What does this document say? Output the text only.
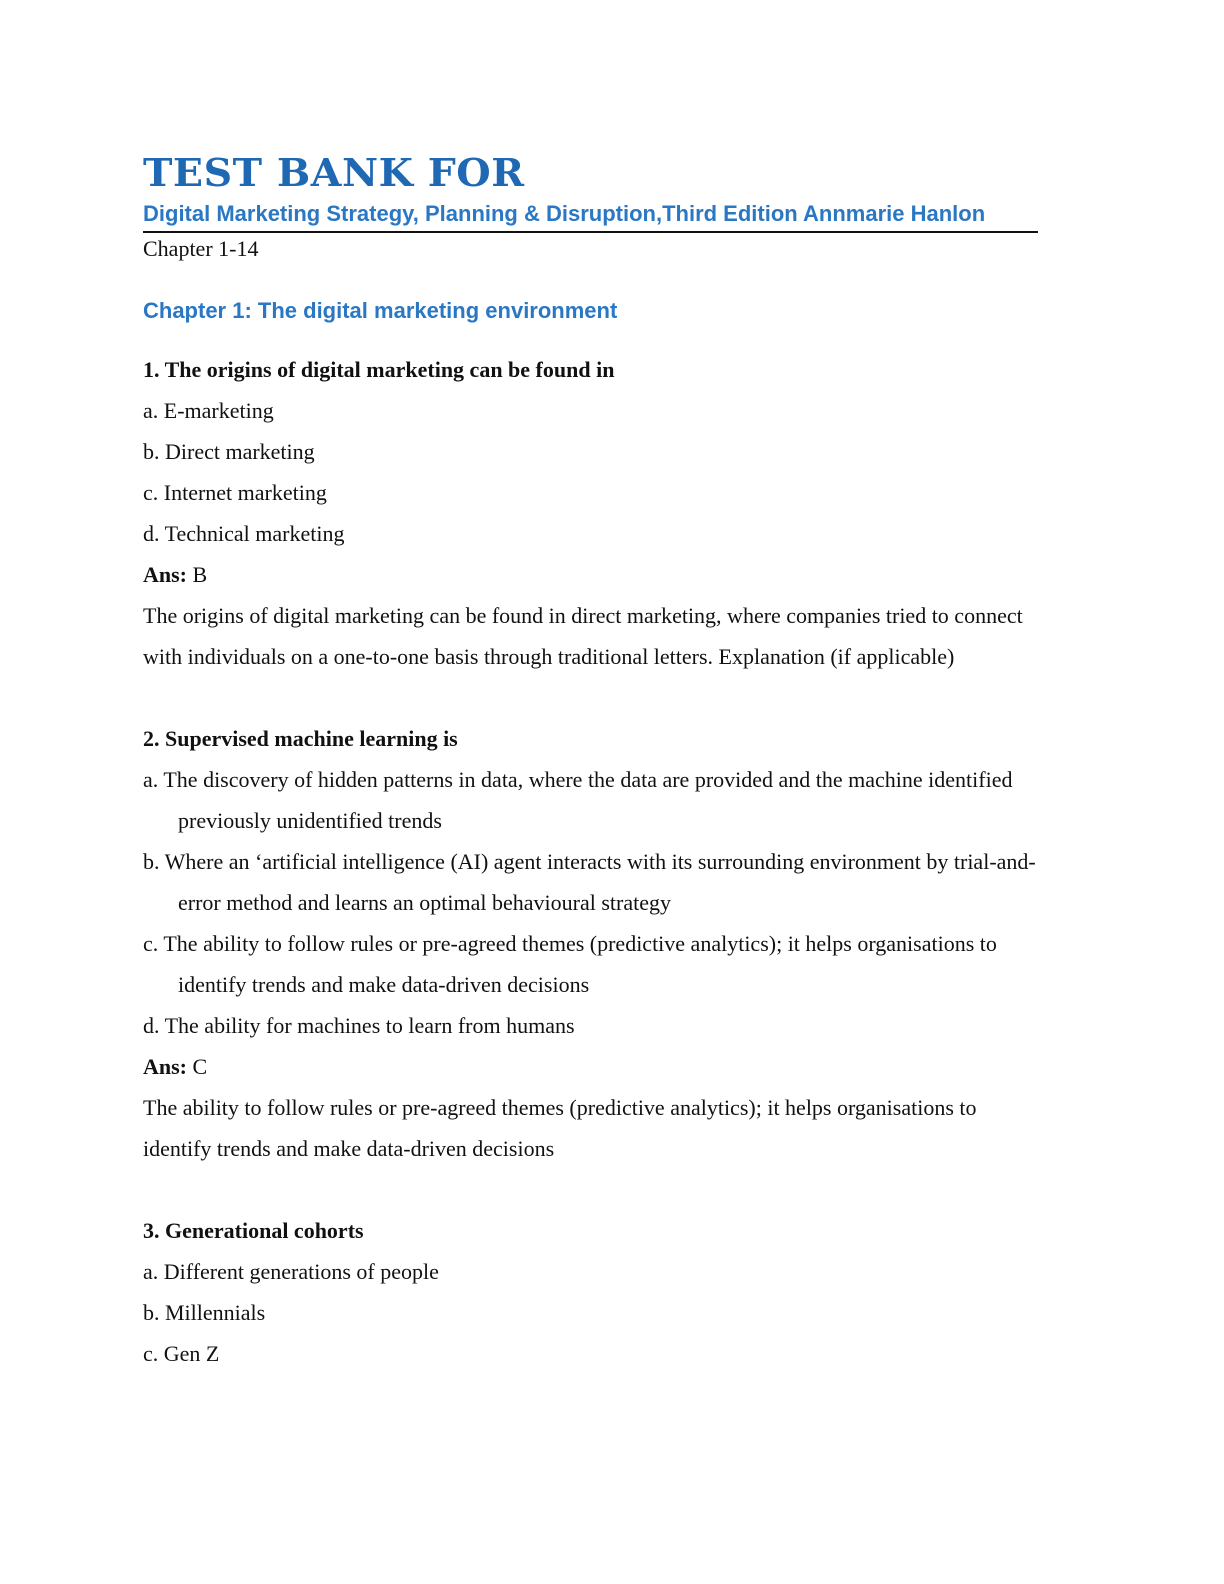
TEST BANK FOR
Digital Marketing Strategy, Planning & Disruption,Third Edition Annmarie Hanlon
Chapter 1-14
Chapter 1: The digital marketing environment

1. The origins of digital marketing can be found in

a. E-marketing

b. Direct marketing

c. Internet marketing

d. Technical marketing

Ans: B

The origins of digital marketing can be found in direct marketing, where companies tried to connect with individuals on a one-to-one basis through traditional letters. Explanation (if applicable)

2. Supervised machine learning is

a. The discovery of hidden patterns in data, where the data are provided and the machine identified previously unidentified trends

b. Where an ‘artificial intelligence (AI) agent interacts with its surrounding environment by trial-and-error method and learns an optimal behavioural strategy

c. The ability to follow rules or pre-agreed themes (predictive analytics); it helps organisations to identify trends and make data-driven decisions

d. The ability for machines to learn from humans

Ans: C

The ability to follow rules or pre-agreed themes (predictive analytics); it helps organisations to identify trends and make data-driven decisions

3. Generational cohorts

a. Different generations of people

b. Millennials

c. Gen Z
